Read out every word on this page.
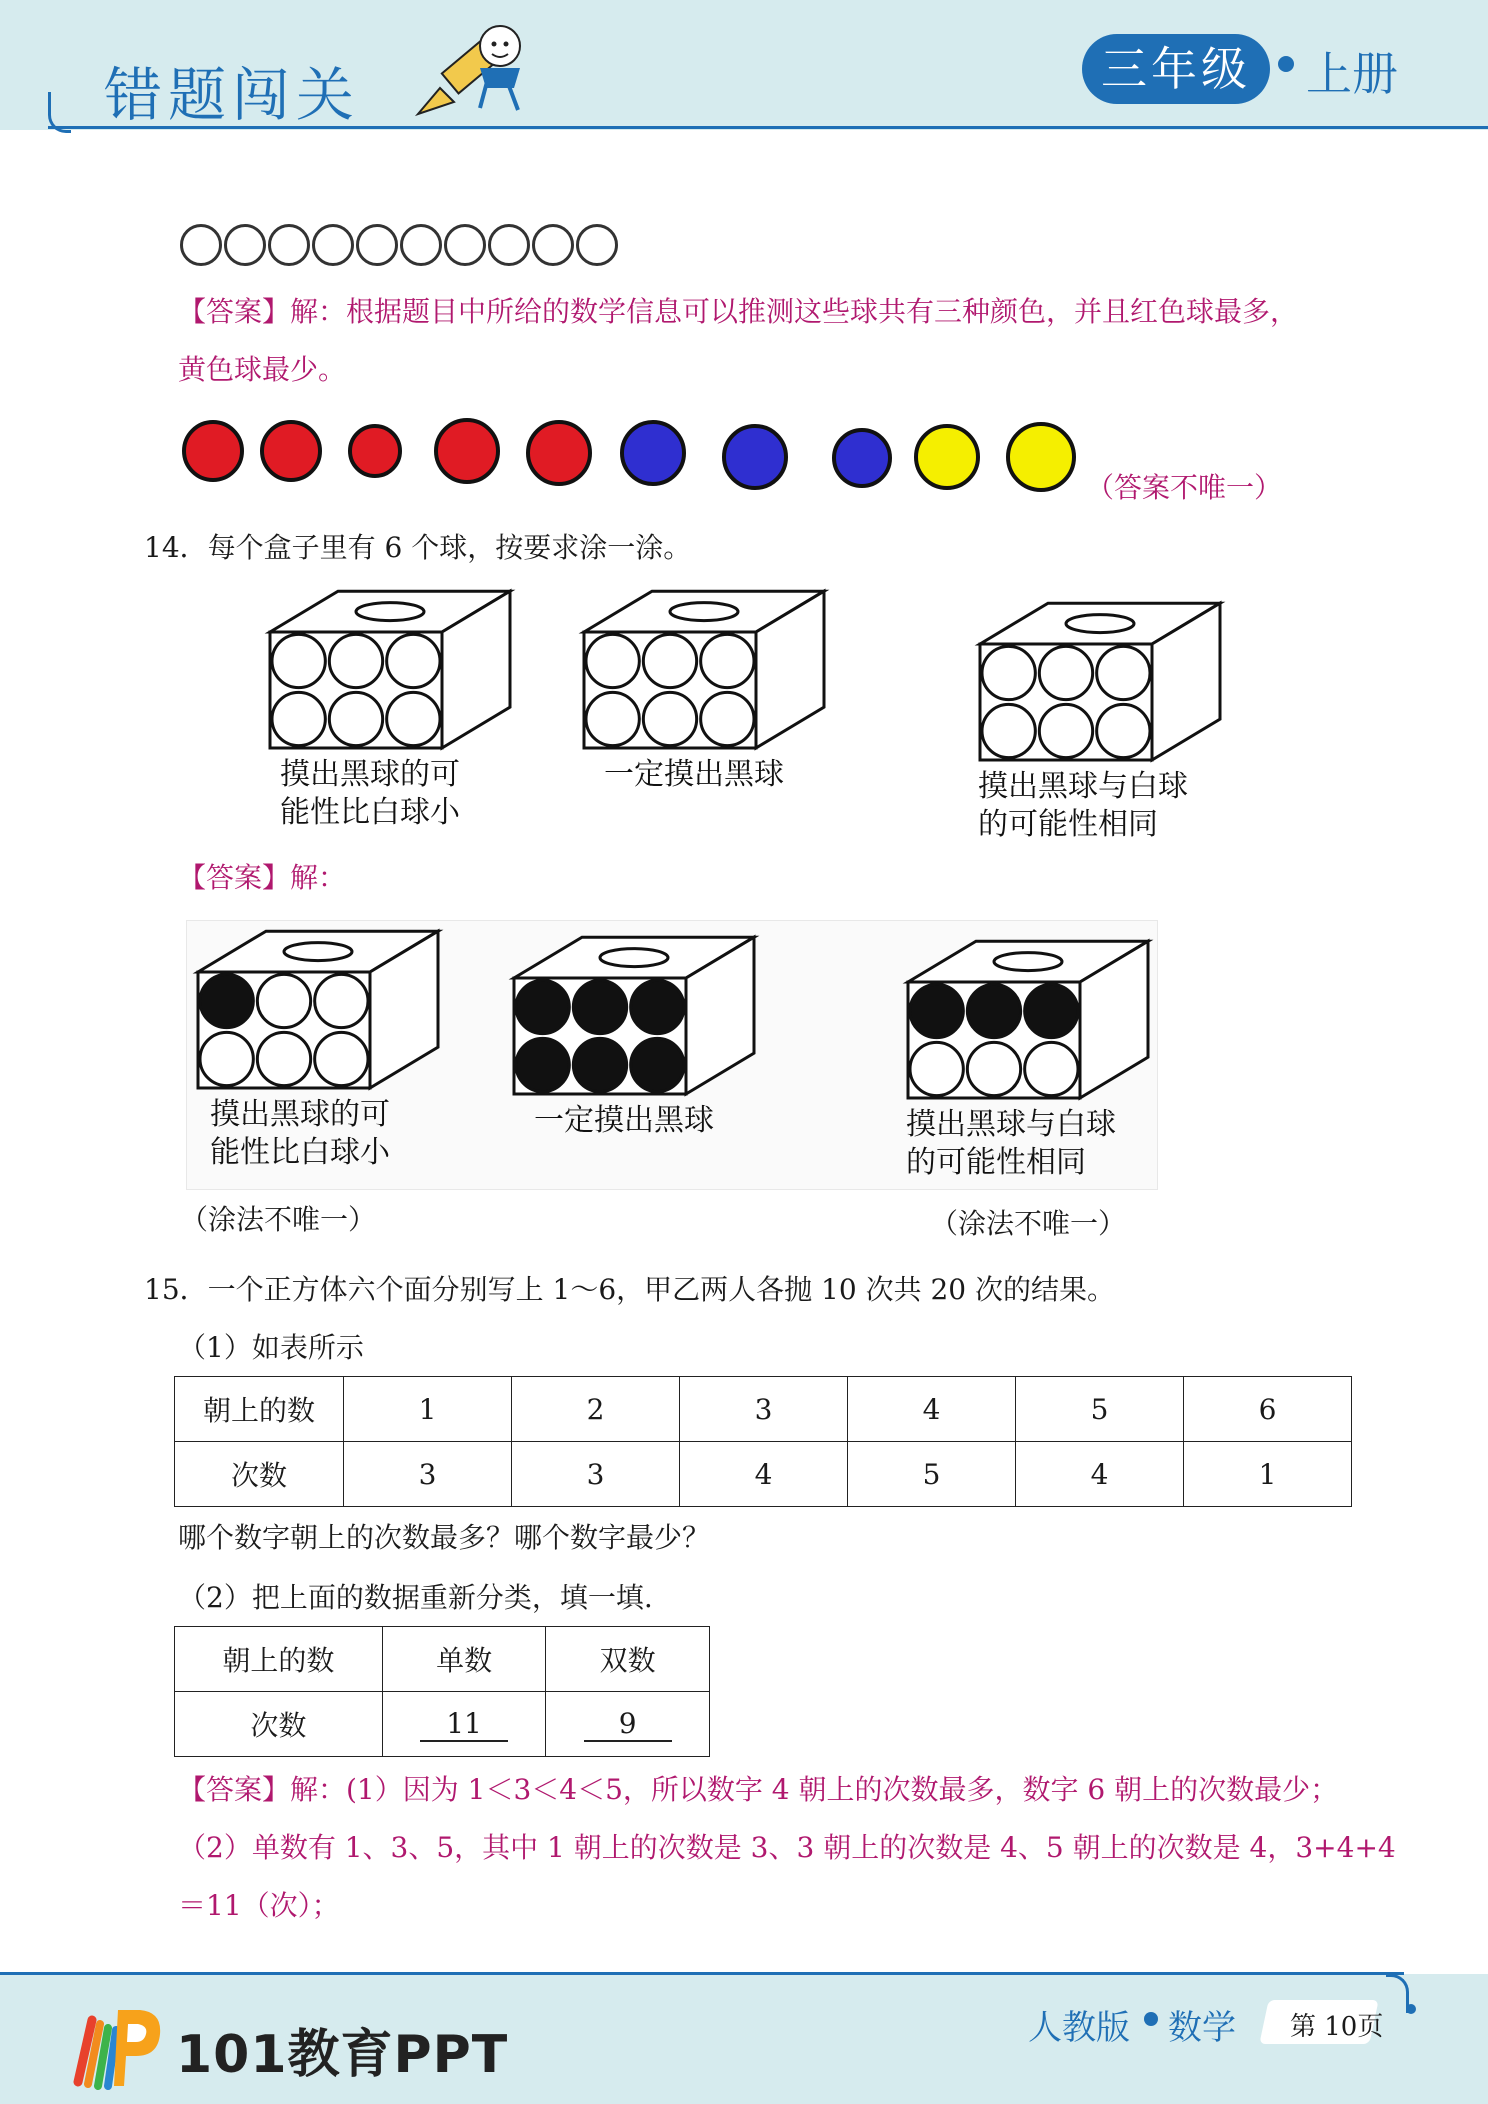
错题闯关	三年级	上册
【答案】解：根据题目中所给的数学信息可以推测这些球共有三种颜色，并且红色球最多，
黄色球最少。
（答案不唯一）
14．每个盒子里有 6 个球，按要求涂一涂。
摸出黑球的可
能性比白球小
一定摸出黑球	摸出黑球与白球
的可能性相同
【答案】解：
摸出黑球的可
能性比白球小
一定摸出黑球	摸出黑球与白球
的可能性相同
（涂法不唯一）	（涂法不唯一）
15．一个正方体六个面分别写上 1～6，甲乙两人各抛 10 次共 20 次的结果。
（1）如表所示
朝上的数	1	2	3	4	5	6
次数	3	3	4	5	4	1
哪个数字朝上的次数最多？哪个数字最少？
（2）把上面的数据重新分类，填一填.
朝上的数	单数	双数
次数	11	9
【答案】解：(1）因为 1＜3＜4＜5，所以数字 4 朝上的次数最多，数字 6 朝上的次数最少；
（2）单数有 1、3、5，其中 1 朝上的次数是 3、3 朝上的次数是 4、5 朝上的次数是 4，3+4+4
＝11（次）；
101教育PPT	人教版 数学 第 10页
